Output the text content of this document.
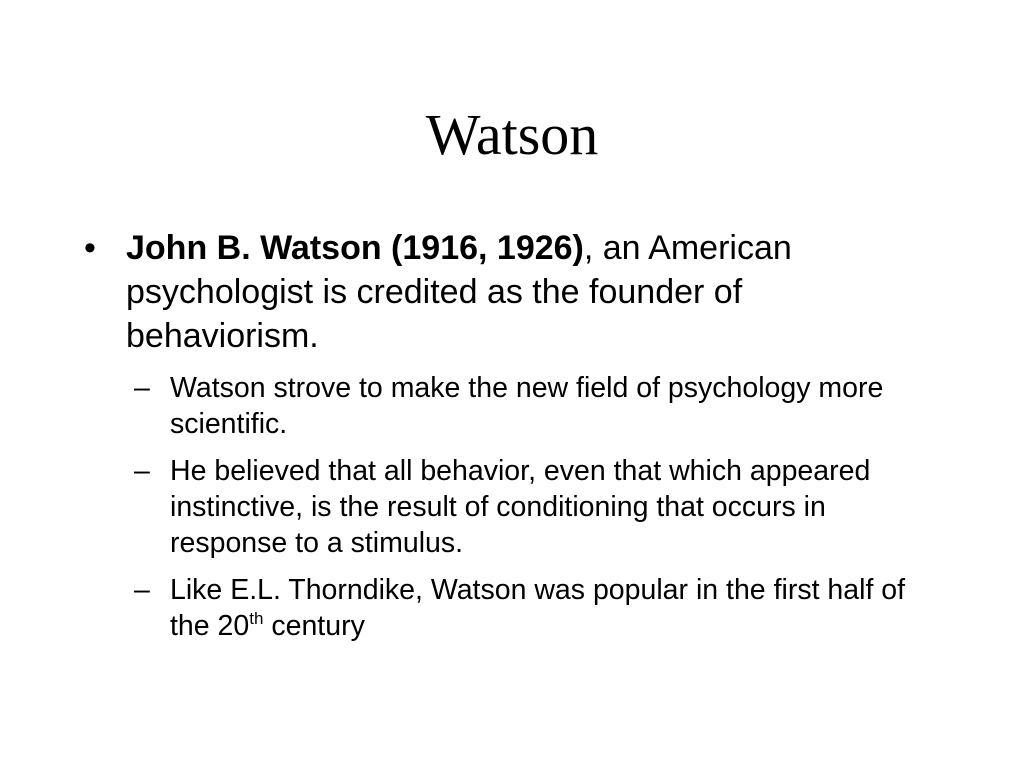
Watson
• John B. Watson (1916, 1926), an American psychologist is credited as the founder of behaviorism.
– Watson strove to make the new field of psychology more scientific.
– He believed that all behavior, even that which appeared instinctive, is the result of conditioning that occurs in response to a stimulus.
– Like E.L. Thorndike, Watson was popular in the first half of the 20th century
